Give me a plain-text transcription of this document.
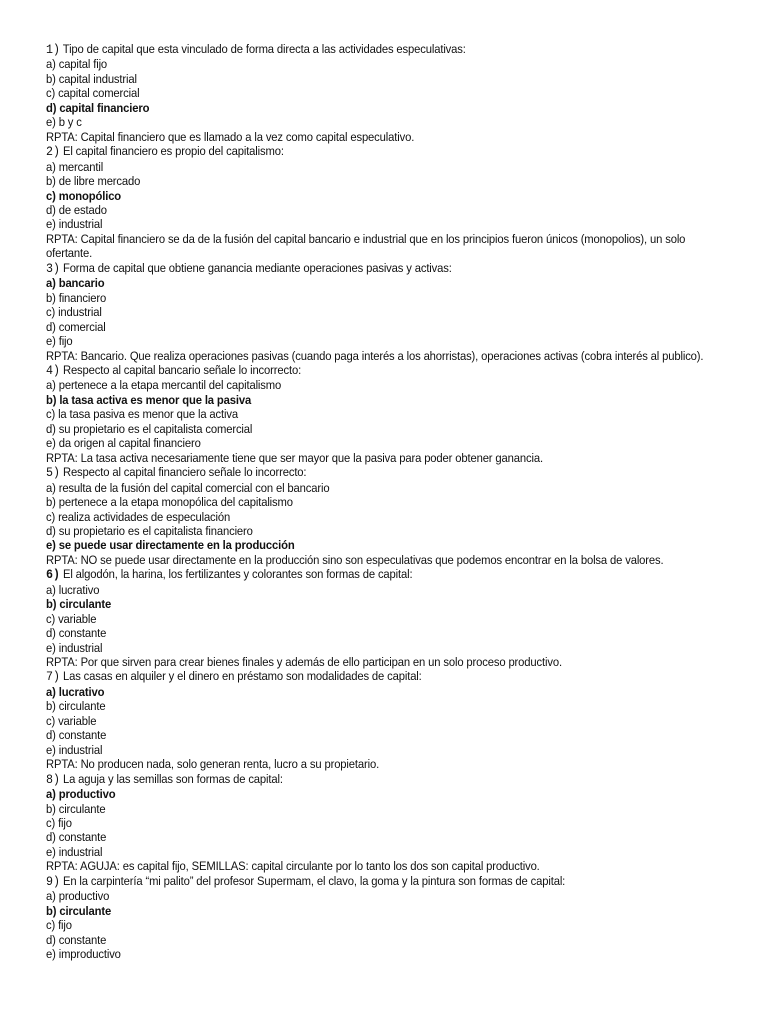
1) Tipo de capital que esta vinculado de forma directa a las actividades especulativas:
a) capital fijo
b) capital industrial
c) capital comercial
d) capital financiero
e) b y c
RPTA: Capital financiero que es llamado a la vez como capital especulativo.
2) El capital financiero es propio del capitalismo:
a) mercantil
b) de libre mercado
c) monopólico
d) de estado
e) industrial
RPTA: Capital financiero se da de la fusión del capital bancario e industrial que en los principios fueron únicos (monopolios), un solo ofertante.
3) Forma de capital que obtiene ganancia mediante operaciones pasivas y activas:
a) bancario
b) financiero
c) industrial
d) comercial
e) fijo
RPTA: Bancario. Que realiza operaciones pasivas (cuando paga interés a los ahorristas), operaciones activas (cobra interés al publico).
4) Respecto al capital bancario señale lo incorrecto:
a) pertenece a la etapa mercantil del capitalismo
b) la tasa activa es menor que la pasiva
c) la tasa pasiva es menor que la activa
d) su propietario es el capitalista comercial
e) da origen al capital financiero
RPTA: La tasa activa necesariamente tiene que ser mayor que la pasiva para poder obtener ganancia.
5) Respecto al capital financiero señale lo incorrecto:
a) resulta de la fusión del capital comercial con el bancario
b) pertenece a la etapa monopólica del capitalismo
c) realiza actividades de especulación
d) su propietario es el capitalista financiero
e) se puede usar directamente en la producción
RPTA: NO se puede usar directamente en la producción sino son especulativas que podemos encontrar en la bolsa de valores.
6) El algodón, la harina, los fertilizantes y colorantes son formas de capital:
a) lucrativo
b) circulante
c) variable
d) constante
e) industrial
RPTA: Por que sirven para crear bienes finales y además de ello participan en un solo proceso productivo.
7) Las casas en alquiler y el dinero en préstamo son modalidades de capital:
a) lucrativo
b) circulante
c) variable
d) constante
e) industrial
RPTA: No producen nada, solo generan renta, lucro a su propietario.
8) La aguja y las semillas son formas de capital:
a) productivo
b) circulante
c) fijo
d) constante
e) industrial
RPTA: AGUJA: es capital fijo, SEMILLAS: capital circulante por lo tanto los dos son capital productivo.
9) En la carpintería “mi palito” del profesor Supermam, el clavo, la goma y la pintura son formas de capital:
a) productivo
b) circulante
c) fijo
d) constante
e) improductivo
